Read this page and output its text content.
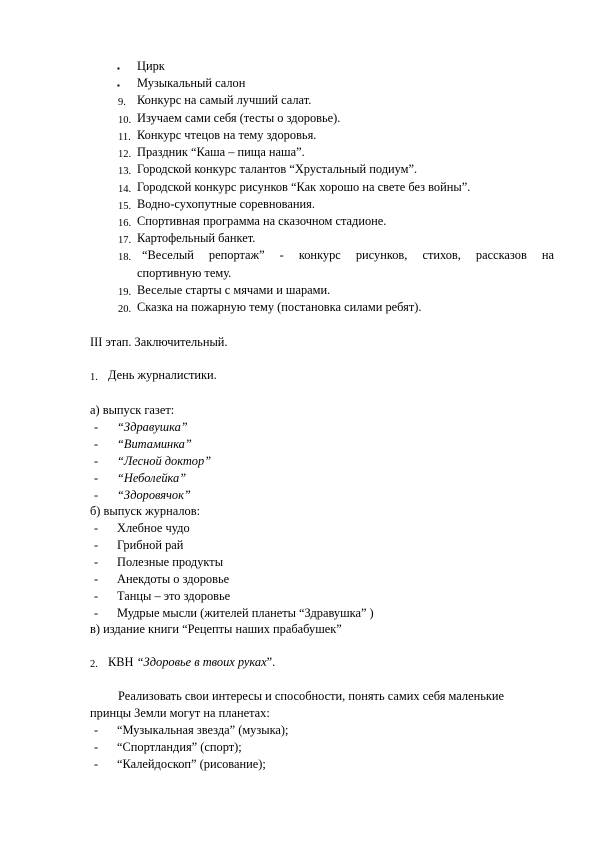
▪ Цирк
▪ Музыкальный салон
9. Конкурс на самый лучший салат.
10. Изучаем сами себя (тесты о здоровье).
11. Конкурс чтецов на тему здоровья.
12. Праздник “Каша – пища наша”.
13. Городской конкурс талантов “Хрустальный подиум”.
14. Городской конкурс рисунков “Как хорошо на свете без войны”.
15. Водно-сухопутные соревнования.
16. Спортивная программа на сказочном стадионе.
17. Картофельный банкет.
18. “Веселый репортаж” - конкурс рисунков, стихов, рассказов на
спортивную тему.
19. Веселые старты с мячами и шарами.
20. Сказка на пожарную тему (постановка силами ребят).
III этап. Заключительный.
1. День журналистики.
а) выпуск газет:
- “Здравушка”
- “Витаминка”
- “Лесной доктор”
- “Неболейка”
- “Здоровячок”
б) выпуск журналов:
- Хлебное чудо
- Грибной рай
- Полезные продукты
- Анекдоты о здоровье
- Танцы – это здоровье
- Мудрые мысли (жителей планеты “Здравушка” )
в) издание книги “Рецепты наших прабабушек”
2. КВН “Здоровье в твоих руках”.
Реализовать свои интересы и способности, понять самих себя маленькие
принцы Земли могут на планетах:
- “Музыкальная звезда” (музыка);
- “Спортландия” (спорт);
- “Калейдоскоп” (рисование);
